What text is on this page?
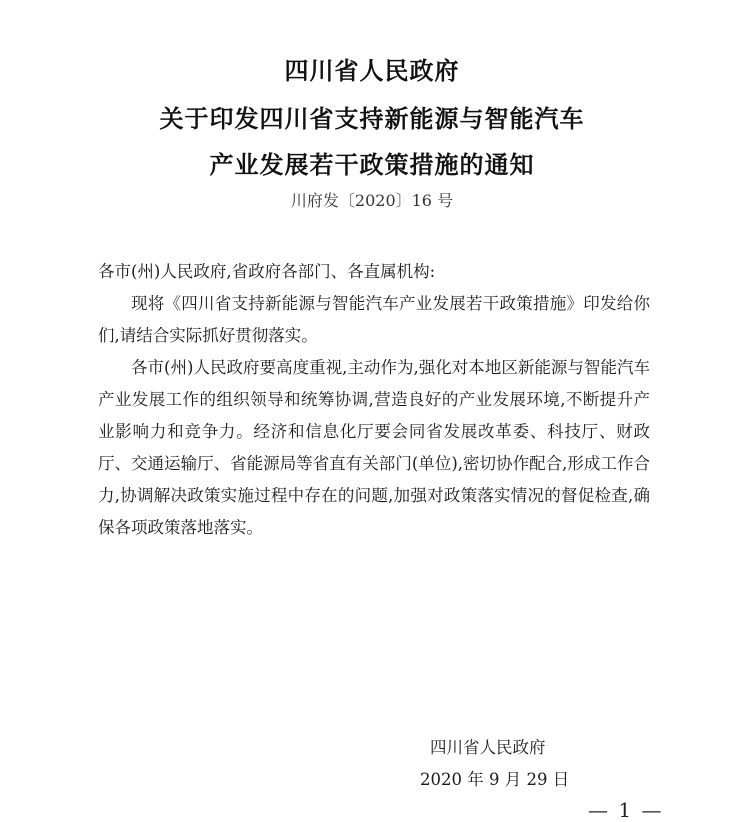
四川省人民政府
关于印发四川省支持新能源与智能汽车
产业发展若干政策措施的通知
川府发〔2020〕16 号

各市(州)人民政府,省政府各部门、各直属机构:

现将《四川省支持新能源与智能汽车产业发展若干政策措施》印发给你们,请结合实际抓好贯彻落实。

各市(州)人民政府要高度重视,主动作为,强化对本地区新能源与智能汽车产业发展工作的组织领导和统筹协调,营造良好的产业发展环境,不断提升产业影响力和竞争力。经济和信息化厅要会同省发展改革委、科技厅、财政厅、交通运输厅、省能源局等省直有关部门(单位),密切协作配合,形成工作合力,协调解决政策实施过程中存在的问题,加强对政策落实情况的督促检查,确保各项政策落地落实。

四川省人民政府
2020 年 9 月 29 日
— 1 —
